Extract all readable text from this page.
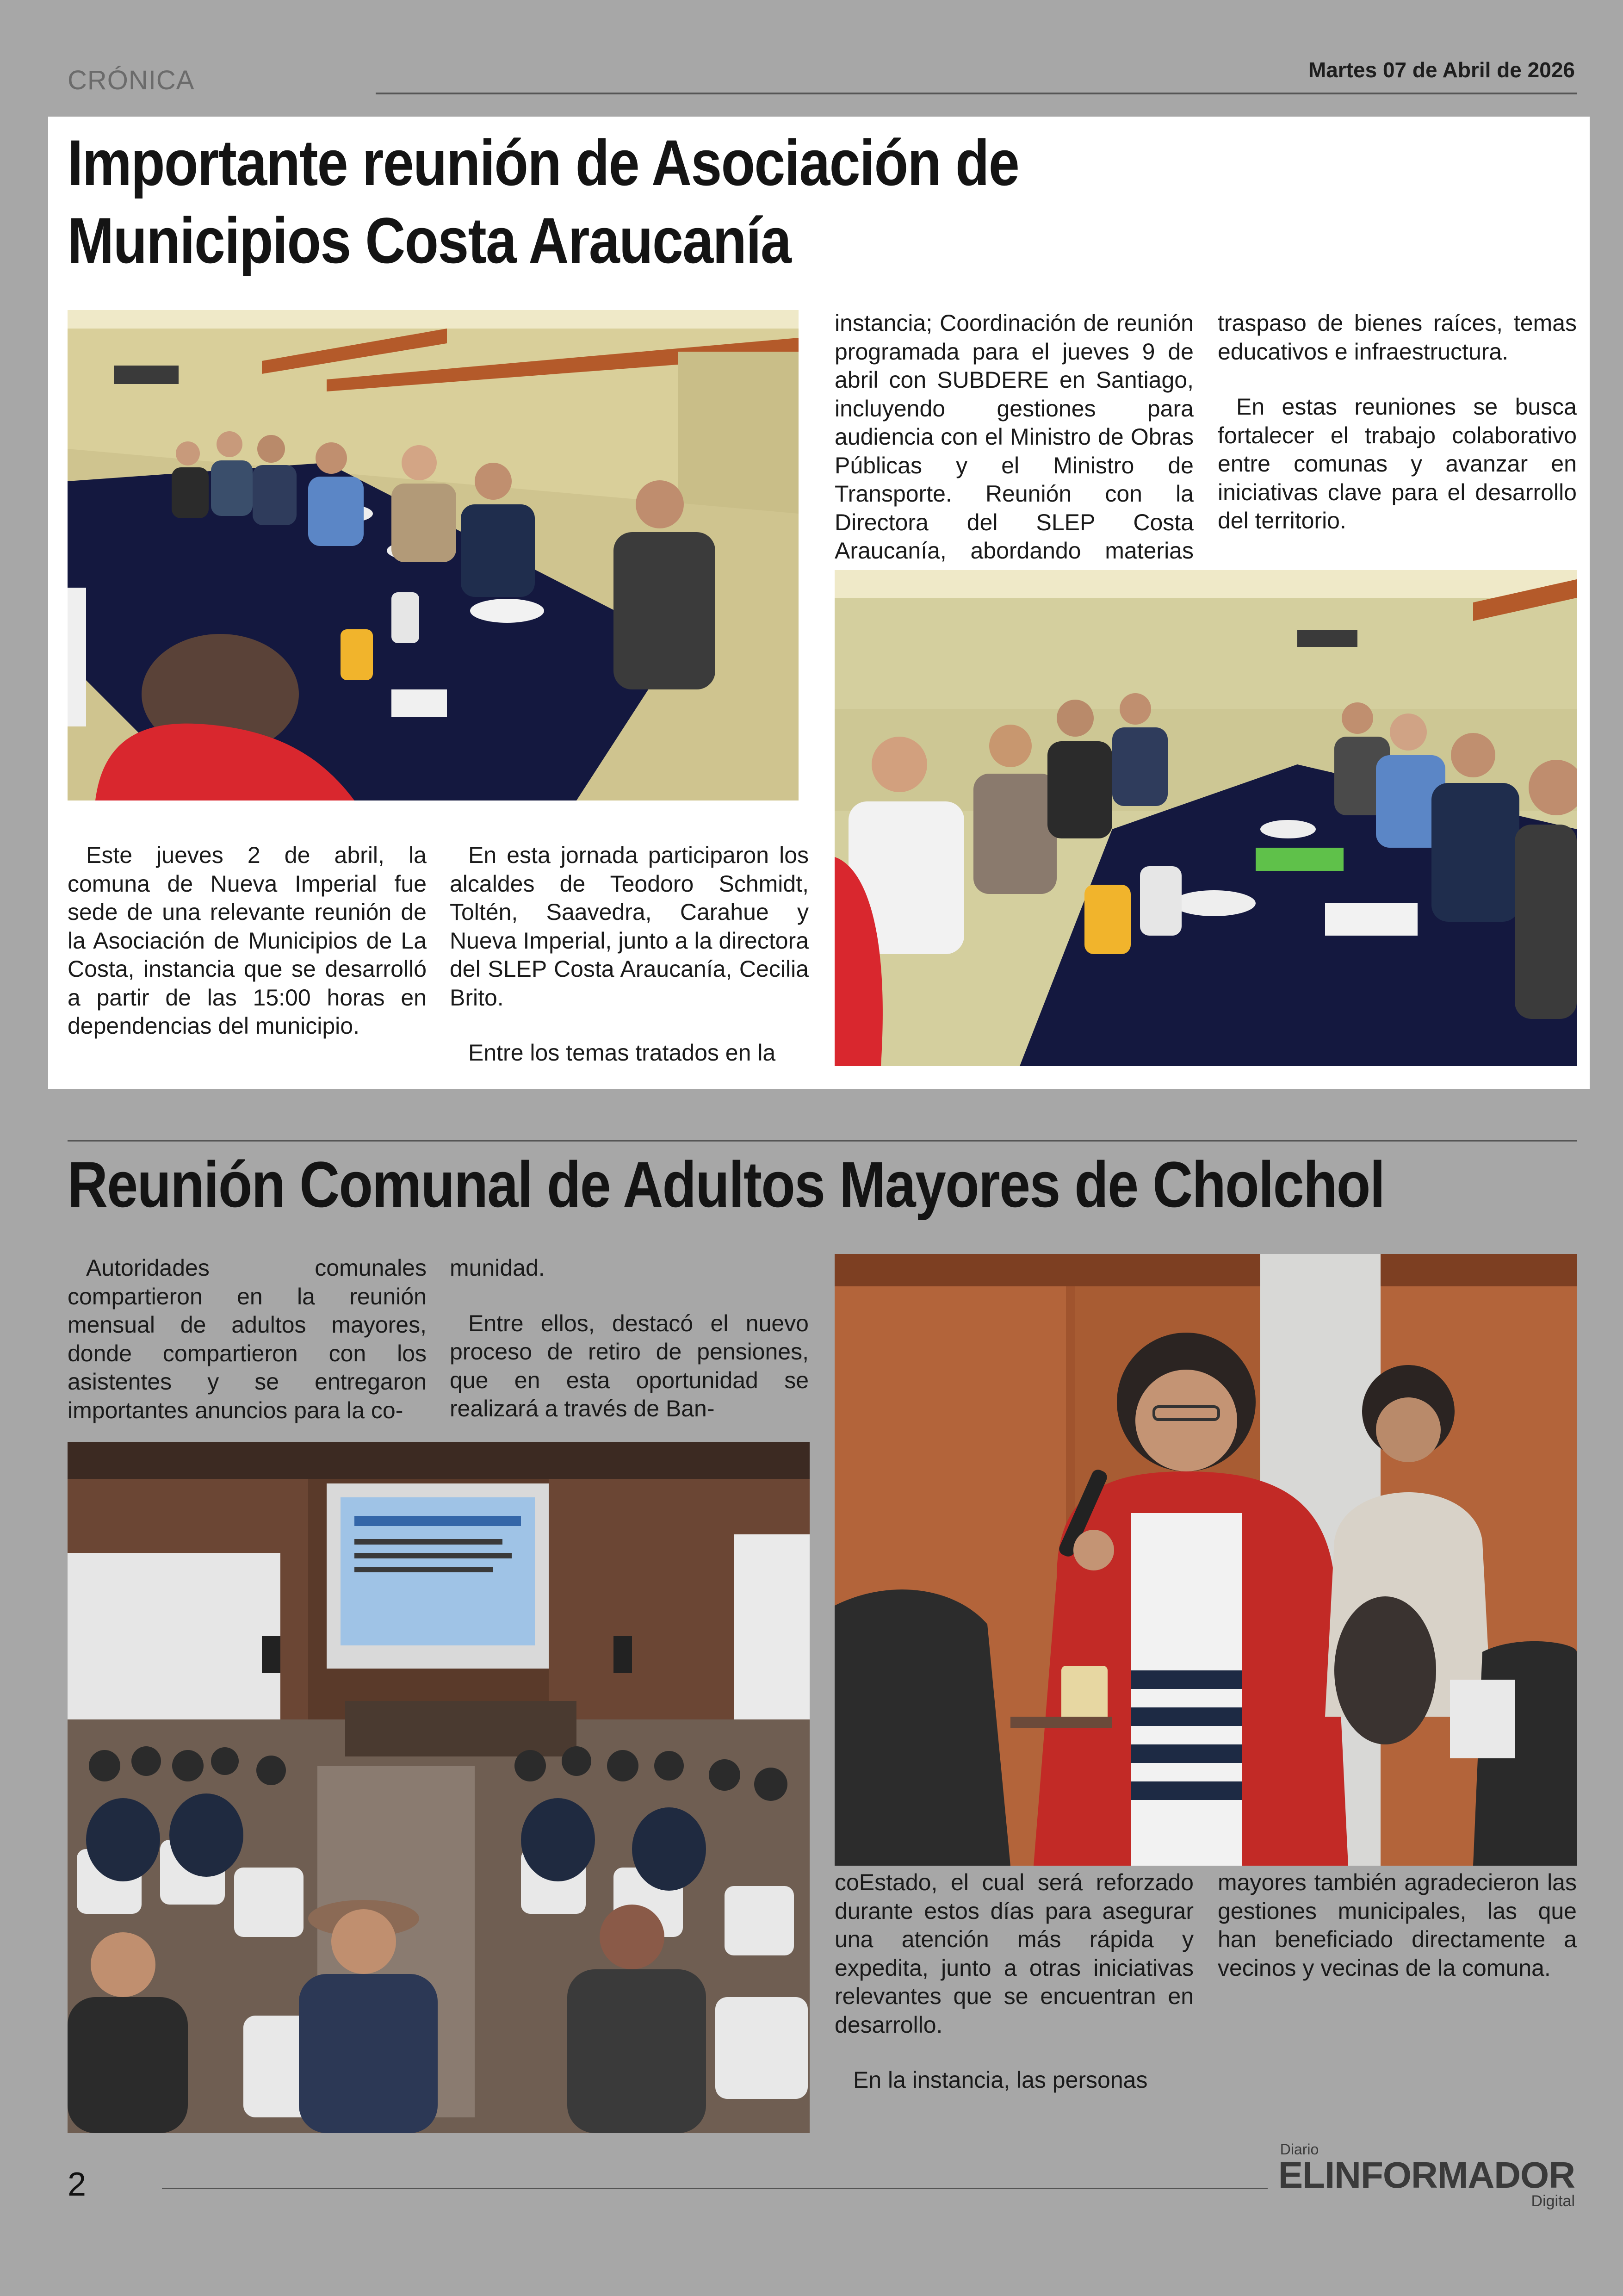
CRÓNICA	Martes 07 de Abril de 2026
Importante reunión de Asociación de
Municipios Costa Araucanía

Este jueves 2 de abril, la comuna de Nueva Imperial fue sede de una relevante reunión de la Asociación de Municipios de La Costa, instancia que se desarrolló a partir de las 15:00 horas en dependencias del municipio.

En esta jornada participaron los alcaldes de Teodoro Schmidt, Toltén, Saavedra, Carahue y Nueva Imperial, junto a la directora del SLEP Costa Araucanía, Cecilia Brito.

Entre los temas tratados en la

instancia; Coordinación de reunión programada para el jueves 9 de abril con SUBDERE en Santiago, incluyendo gestiones para audiencia con el Ministro de Obras Públicas y el Ministro de Transporte. Reunión con la Directora del SLEP Costa Araucanía, abordando materias

traspaso de bienes raíces, temas educativos e infraestructura.

En estas reuniones se busca fortalecer el trabajo colaborativo entre comunas y avanzar en iniciativas clave para el desarrollo del territorio.

Reunión Comunal de Adultos Mayores de Cholchol

Autoridades comunales compartieron en la reunión mensual de adultos mayores, donde compartieron con los asistentes y se entregaron importantes anuncios para la co-

munidad.

Entre ellos, destacó el nuevo proceso de retiro de pensiones, que en esta oportunidad se realizará a través de Ban-

coEstado, el cual será reforzado durante estos días para asegurar una atención más rápida y expedita, junto a otras iniciativas relevantes que se encuentran en desarrollo.

En la instancia, las personas

mayores también agradecieron las gestiones municipales, las que han beneficiado directamente a vecinos y vecinas de la comuna.

2
Diario
ELINFORMADOR
Digital
